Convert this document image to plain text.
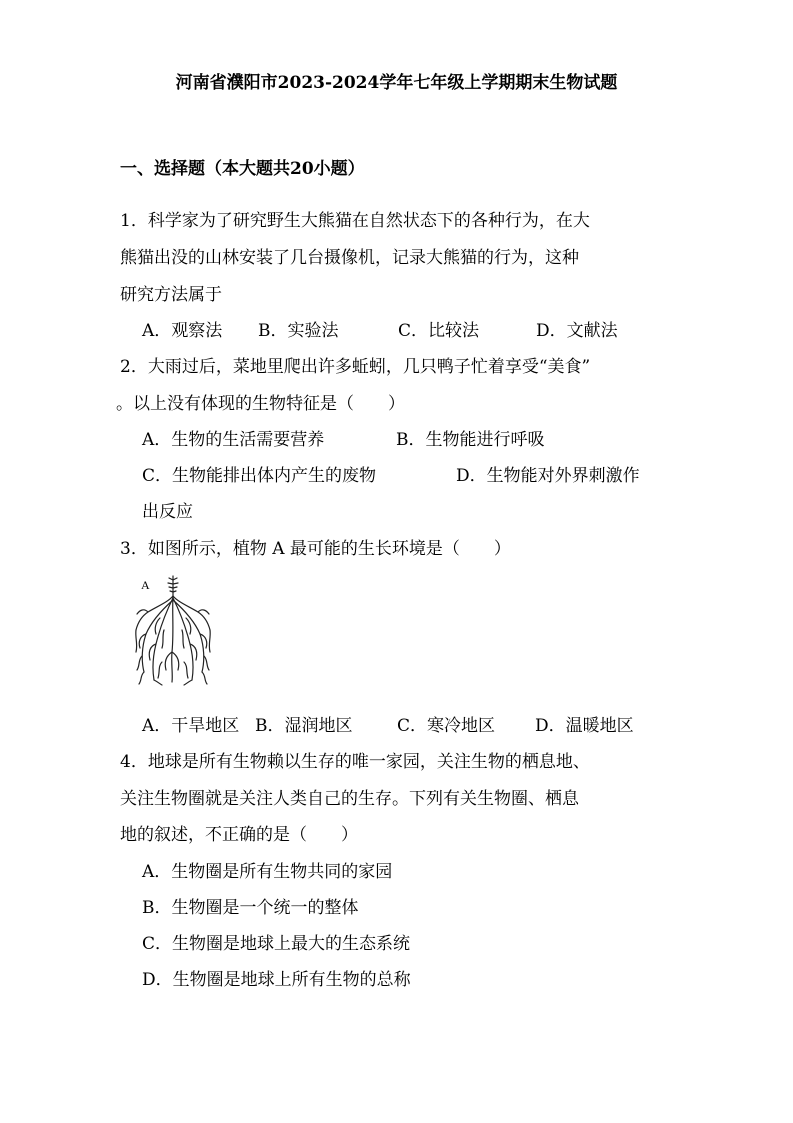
河南省濮阳市2023-2024学年七年级上学期期末生物试题
一、选择题（本大题共20小题）
1．科学家为了研究野生大熊猫在自然状态下的各种行为，在大
熊猫出没的山林安装了几台摄像机，记录大熊猫的行为，这种
研究方法属于
A．观察法 B．实验法	C．比较法	D．文献法
2．大雨过后，菜地里爬出许多蚯蚓，几只鸭子忙着享受“美食”
。以上没有体现的生物特征是（　　）
A．生物的生活需要营养	B．生物能进行呼吸
C．生物能排出体内产生的废物	D．生物能对外界刺激作
出反应
3．如图所示，植物 A 最可能的生长环境是（　　）
A
A．干旱地区 B．湿润地区	C．寒冷地区 D．温暖地区
4．地球是所有生物赖以生存的唯一家园，关注生物的栖息地、
关注生物圈就是关注人类自己的生存。下列有关生物圈、栖息
地的叙述，不正确的是（　　）
A．生物圈是所有生物共同的家园
B．生物圈是一个统一的整体
C．生物圈是地球上最大的生态系统
D．生物圈是地球上所有生物的总称
